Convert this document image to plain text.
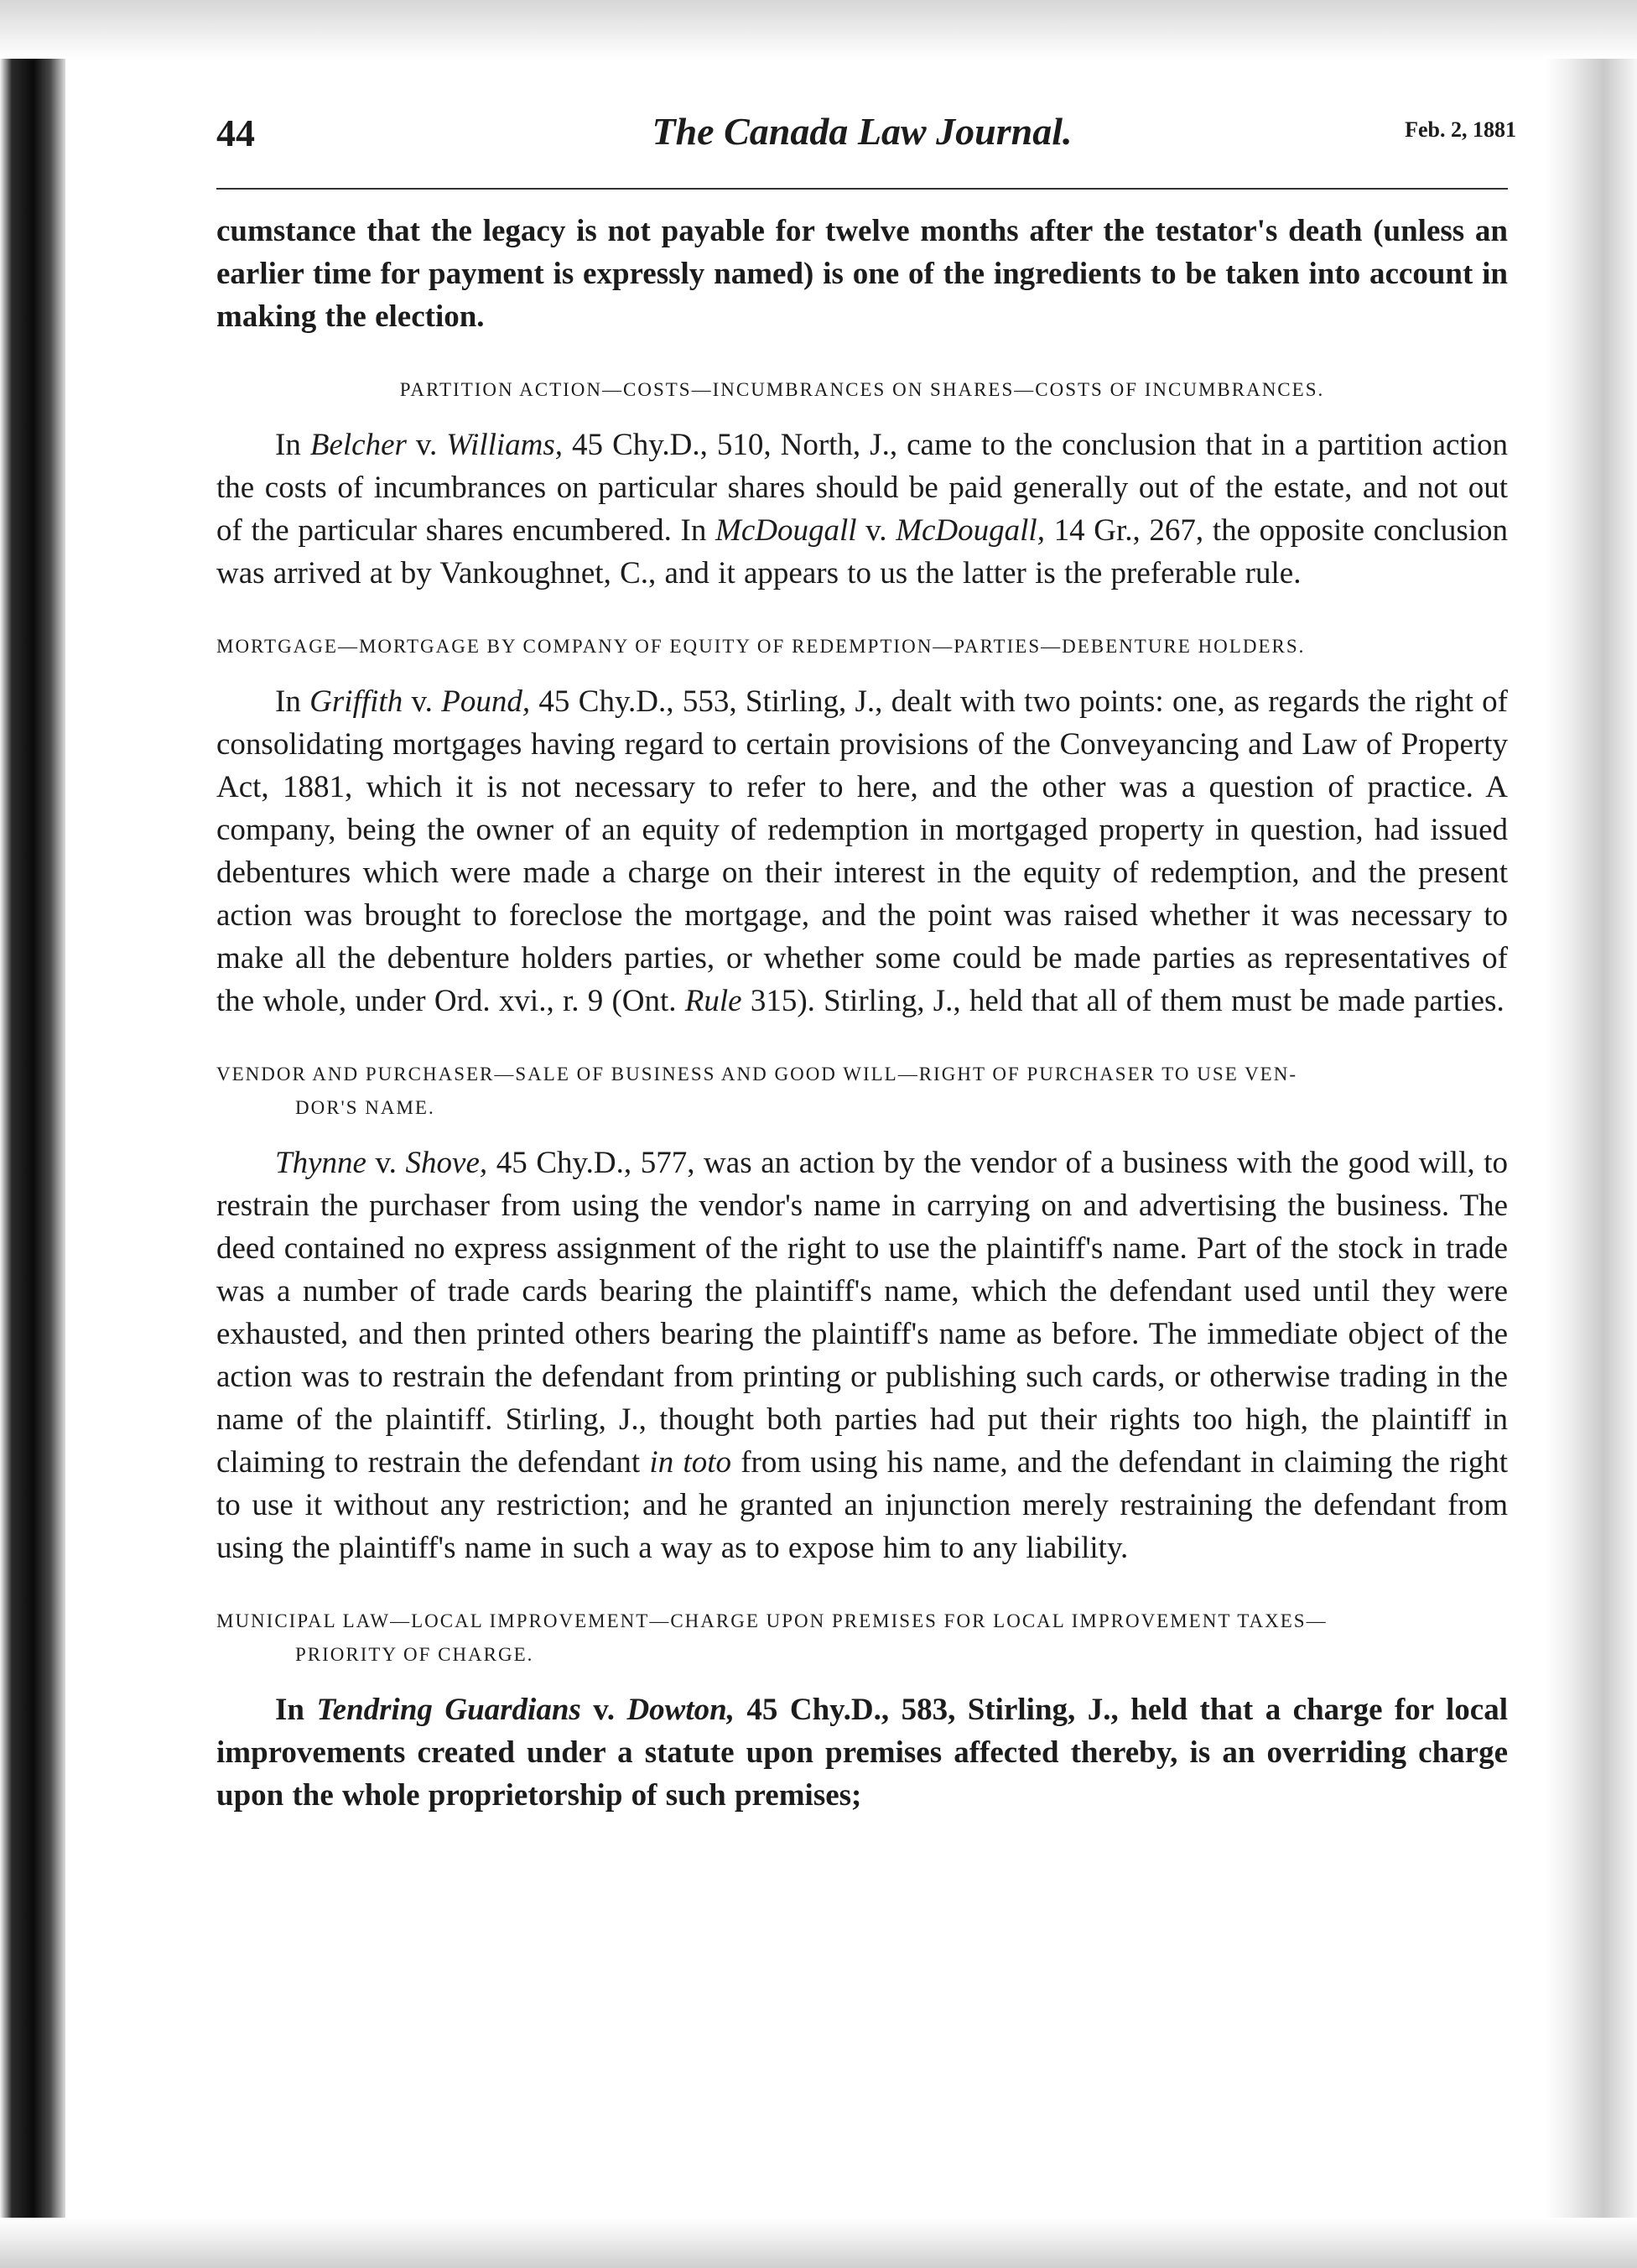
44	The Canada Law Journal.	Feb. 2, 1881

cumstance that the legacy is not payable for twelve months after the testator's death (unless an earlier time for payment is expressly named) is one of the ingredients to be taken into account in making the election.

PARTITION ACTION—COSTS—INCUMBRANCES ON SHARES—COSTS OF INCUMBRANCES.

In Belcher v. Williams, 45 Chy.D., 510, North, J., came to the conclusion that in a partition action the costs of incumbrances on particular shares should be paid generally out of the estate, and not out of the particular shares encumbered. In McDougall v. McDougall, 14 Gr., 267, the opposite conclusion was arrived at by Vankoughnet, C., and it appears to us the latter is the preferable rule.

MORTGAGE—MORTGAGE BY COMPANY OF EQUITY OF REDEMPTION—PARTIES—DEBENTURE HOLDERS.

In Griffith v. Pound, 45 Chy.D., 553, Stirling, J., dealt with two points: one, as regards the right of consolidating mortgages having regard to certain provisions of the Conveyancing and Law of Property Act, 1881, which it is not necessary to refer to here, and the other was a question of practice. A company, being the owner of an equity of redemption in mortgaged property in question, had issued debentures which were made a charge on their interest in the equity of redemption, and the present action was brought to foreclose the mortgage, and the point was raised whether it was necessary to make all the debenture holders parties, or whether some could be made parties as representatives of the whole, under Ord. xvi., r. 9 (Ont. Rule 315). Stirling, J., held that all of them must be made parties.

VENDOR AND PURCHASER—SALE OF BUSINESS AND GOOD WILL—RIGHT OF PURCHASER TO USE VEN-
DOR'S NAME.

Thynne v. Shove, 45 Chy.D., 577, was an action by the vendor of a business with the good will, to restrain the purchaser from using the vendor's name in carrying on and advertising the business. The deed contained no express assignment of the right to use the plaintiff's name. Part of the stock in trade was a number of trade cards bearing the plaintiff's name, which the defendant used until they were exhausted, and then printed others bearing the plaintiff's name as before. The immediate object of the action was to restrain the defendant from printing or publishing such cards, or otherwise trading in the name of the plaintiff. Stirling, J., thought both parties had put their rights too high, the plaintiff in claiming to restrain the defendant in toto from using his name, and the defendant in claiming the right to use it without any restriction; and he granted an injunction merely restraining the defendant from using the plaintiff's name in such a way as to expose him to any liability.

MUNICIPAL LAW—LOCAL IMPROVEMENT—CHARGE UPON PREMISES FOR LOCAL IMPROVEMENT TAXES—
PRIORITY OF CHARGE.

In Tendring Guardians v. Dowton, 45 Chy.D., 583, Stirling, J., held that a charge for local improvements created under a statute upon premises affected thereby, is an overriding charge upon the whole proprietorship of such premises;
